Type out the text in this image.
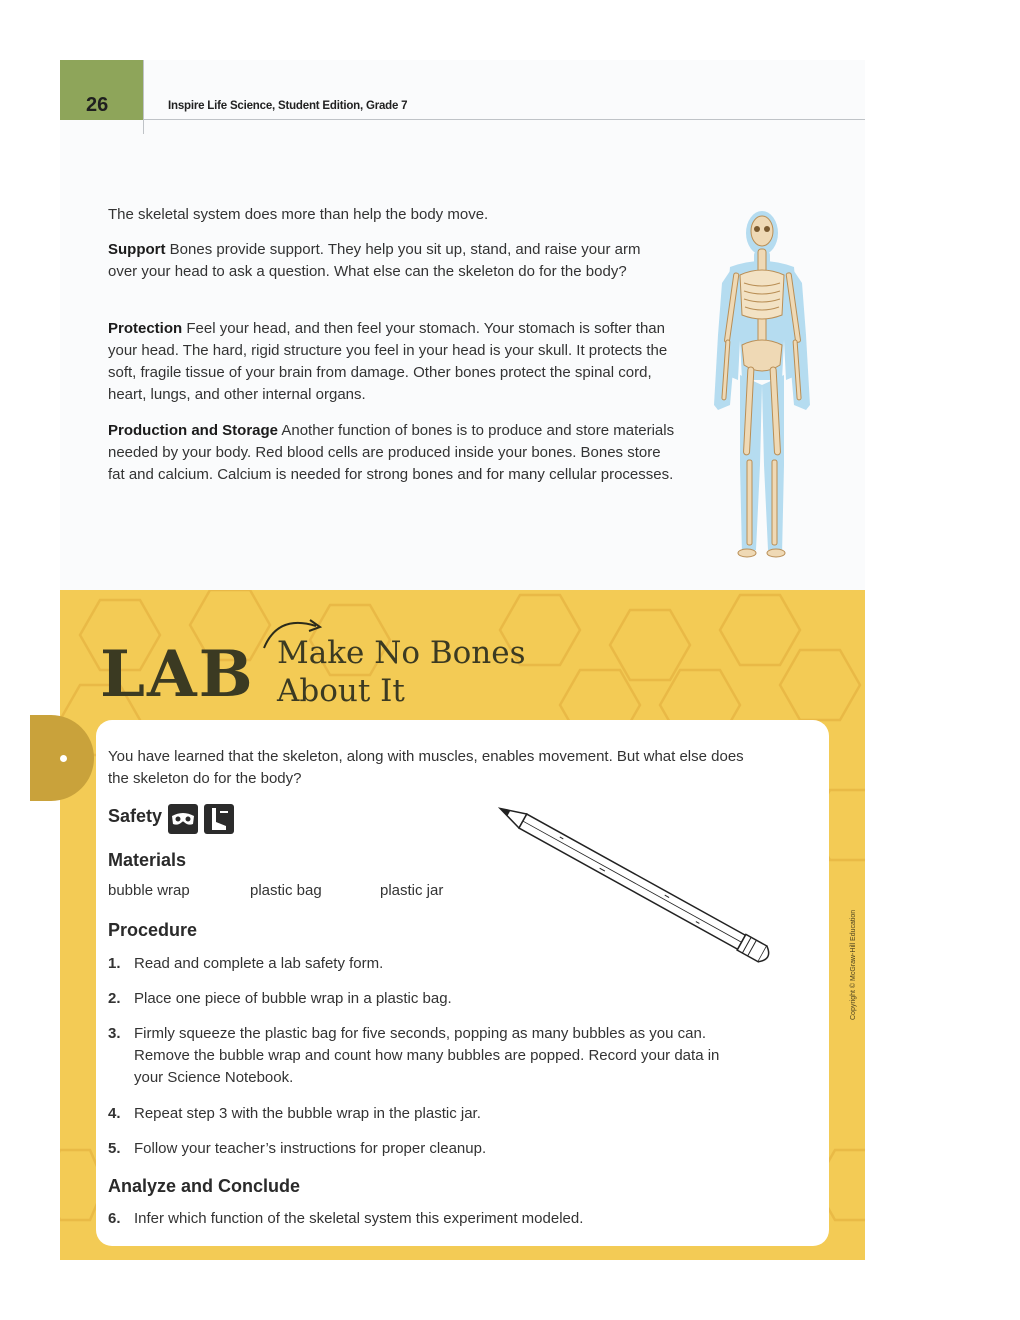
26	Inspire Life Science, Student Edition, Grade 7
The skeletal system does more than help the body move.
Support Bones provide support. They help you sit up, stand, and raise your arm over your head to ask a question. What else can the skeleton do for the body?
Protection Feel your head, and then feel your stomach. Your stomach is softer than your head. The hard, rigid structure you feel in your head is your skull. It protects the soft, fragile tissue of your brain from damage. Other bones protect the spinal cord, heart, lungs, and other internal organs.
Production and Storage Another function of bones is to produce and store materials needed by your body. Red blood cells are produced inside your bones. Bones store fat and calcium. Calcium is needed for strong bones and for many cellular processes.
LAB Make No Bones
About It
You have learned that the skeleton, along with muscles, enables movement. But what else does the skeleton do for the body?
Safety
Materials
bubble wrap	plastic bag	plastic jar
Procedure
1. Read and complete a lab safety form.
2. Place one piece of bubble wrap in a plastic bag.
3. Firmly squeeze the plastic bag for five seconds, popping as many bubbles as you can. Remove the bubble wrap and count how many bubbles are popped. Record your data in your Science Notebook.
4. Repeat step 3 with the bubble wrap in the plastic jar.
5. Follow your teacher’s instructions for proper cleanup.
Analyze and Conclude
6. Infer which function of the skeletal system this experiment modeled.
Copyright © McGraw-Hill Education
